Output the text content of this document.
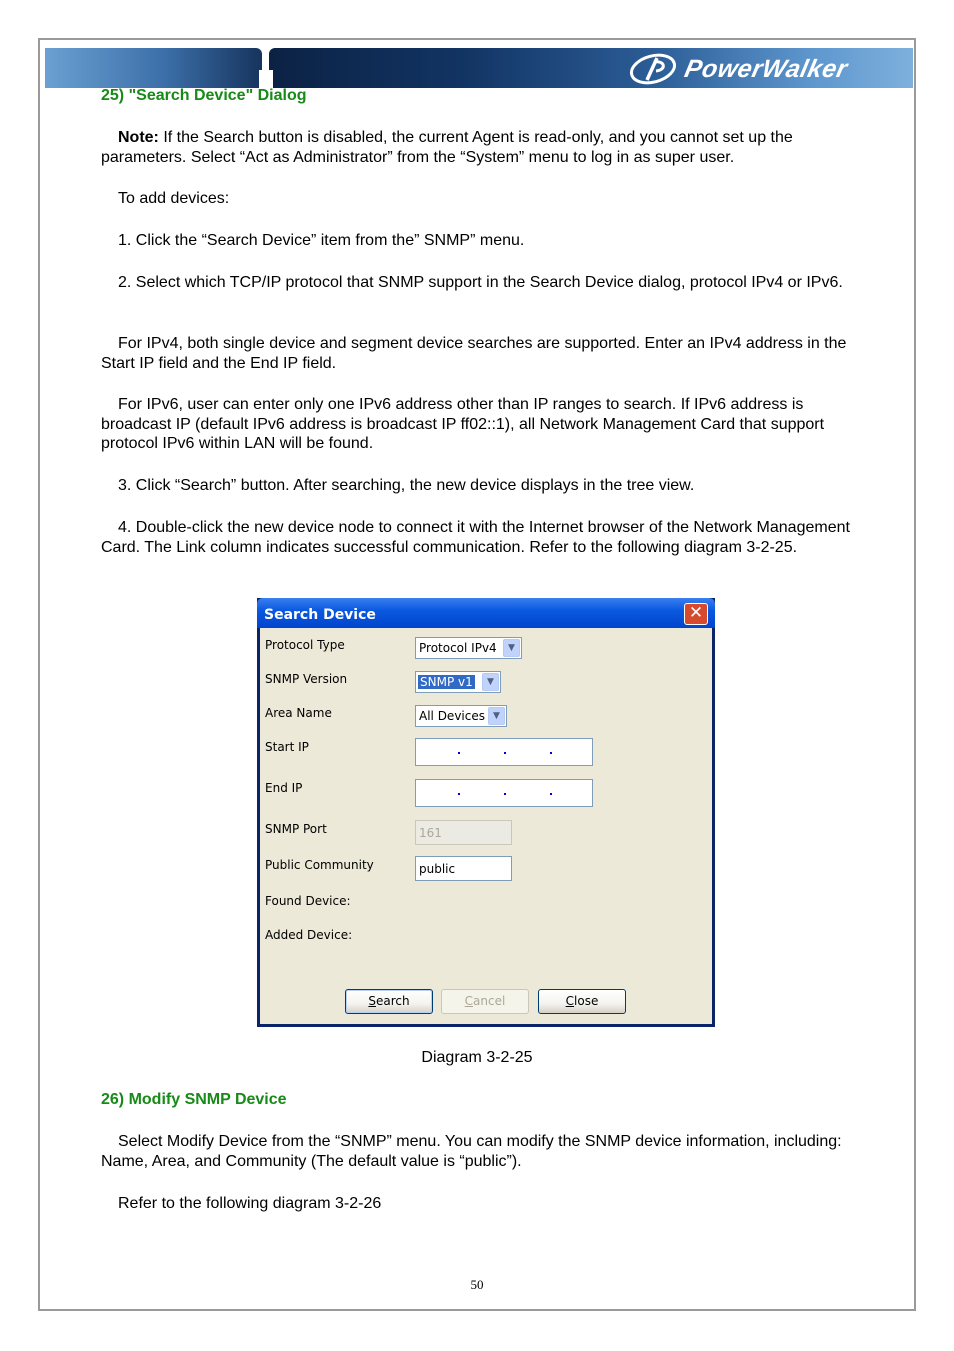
PowerWalker
25) "Search Device" Dialog
Note: If the Search button is disabled, the current Agent is read-only, and you cannot set up the parameters. Select “Act as Administrator” from the “System” menu to log in as super user.
To add devices:
1. Click the “Search Device” item from the” SNMP” menu.
2. Select which TCP/IP protocol that SNMP support in the Search Device dialog, protocol IPv4 or IPv6.
For IPv4, both single device and segment device searches are supported. Enter an IPv4 address in the Start IP field and the End IP field.
For IPv6, user can enter only one IPv6 address other than IP ranges to search. If IPv6 address is broadcast IP (default IPv6 address is broadcast IP ff02::1), all Network Management Card that support protocol IPv6 within LAN will be found.
3. Click “Search” button. After searching, the new device displays in the tree view.
4. Double-click the new device node to connect it with the Internet browser of the Network Management Card. The Link column indicates successful communication. Refer to the following diagram 3-2-25.
Search Device	✕
Protocol Type	Protocol IPv4	▼
SNMP Version	SNMP v1	▼
Area Name	All Devices ▼
Start IP
End IP
SNMP Port	161
Public Community	public
Found Device:
Added Device:
Search	Cancel	Close
Diagram 3-2-25
26) Modify SNMP Device
Select Modify Device from the “SNMP” menu. You can modify the SNMP device information, including: Name, Area, and Community (The default value is “public”).
Refer to the following diagram 3-2-26
50
